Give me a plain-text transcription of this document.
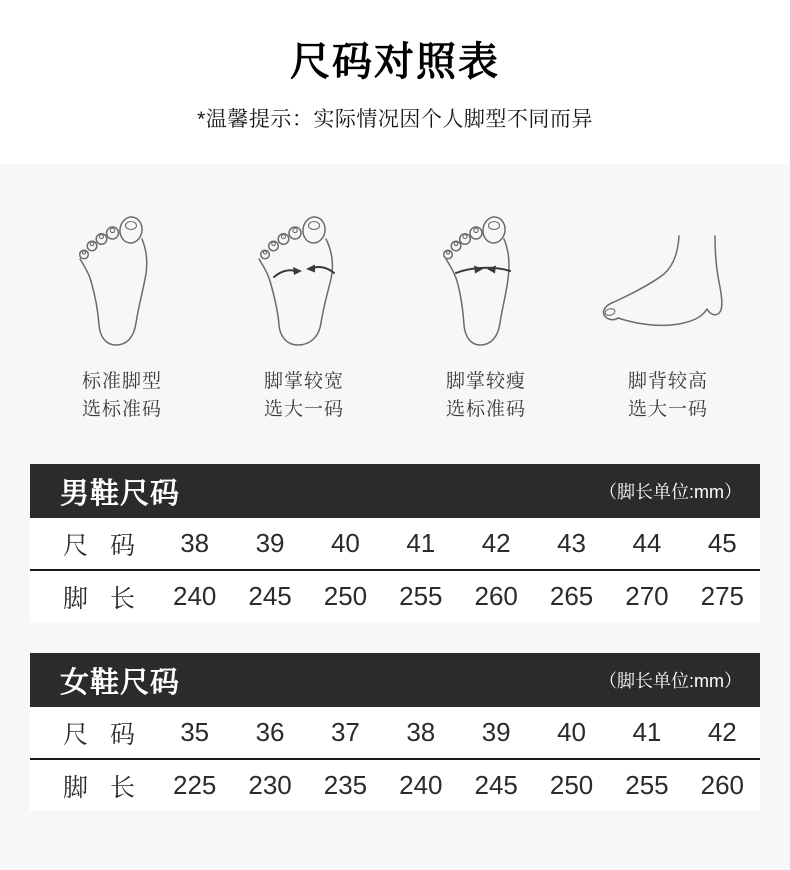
尺码对照表
*温馨提示：实际情况因个人脚型不同而异
标准脚型
选标准码
脚掌较宽
选大一码
脚掌较瘦
选标准码
脚背较高
选大一码
男鞋尺码	（脚长单位:mm）
尺 码	38	39	40	41	42	43	44	45
脚 长	240	245	250	255	260	265	270	275
女鞋尺码	（脚长单位:mm）
尺 码	35	36	37	38	39	40	41	42
脚 长	225	230	235	240	245	250	255	260
